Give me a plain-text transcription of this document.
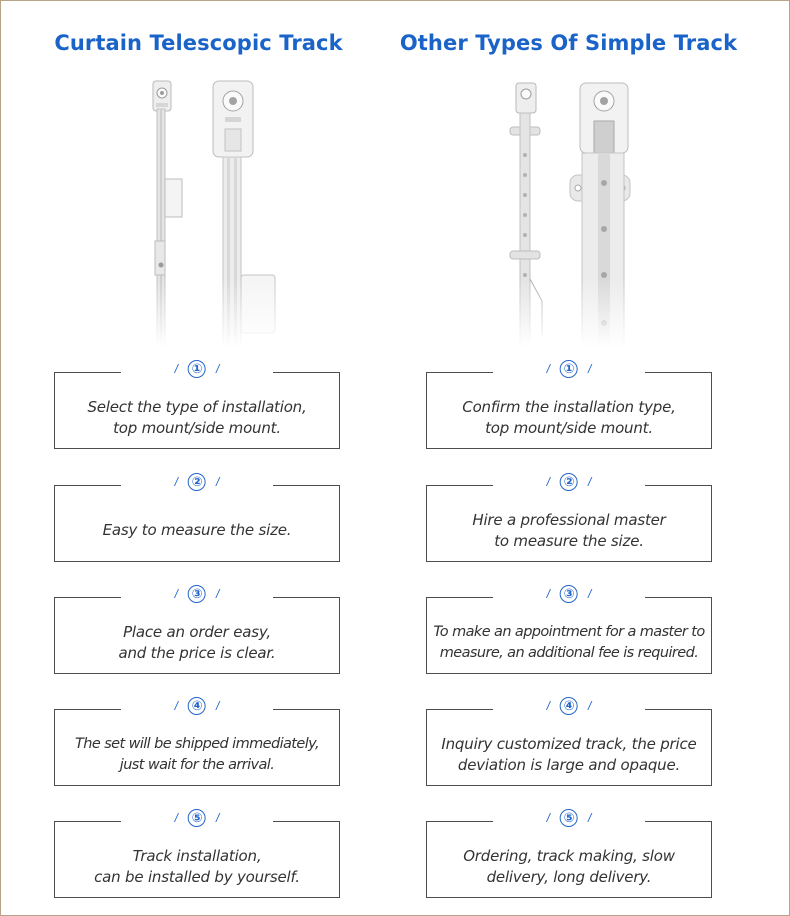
Curtain Telescopic Track	Other Types Of Simple Track
/ ① /
Select the type of installation,
top mount/side mount.
/ ② /
Easy to measure the size.
/ ③ /
Place an order easy,
and the price is clear.
/ ④ /
The set will be shipped immediately,
just wait for the arrival.
/ ⑤ /
Track installation,
can be installed by yourself.
/ ① /
Confirm the installation type,
top mount/side mount.
/ ② /
Hire a professional master
to measure the size.
/ ③ /
To make an appointment for a master to
measure, an additional fee is required.
/ ④ /
Inquiry customized track, the price
deviation is large and opaque.
/ ⑤ /
Ordering, track making, slow
delivery, long delivery.
